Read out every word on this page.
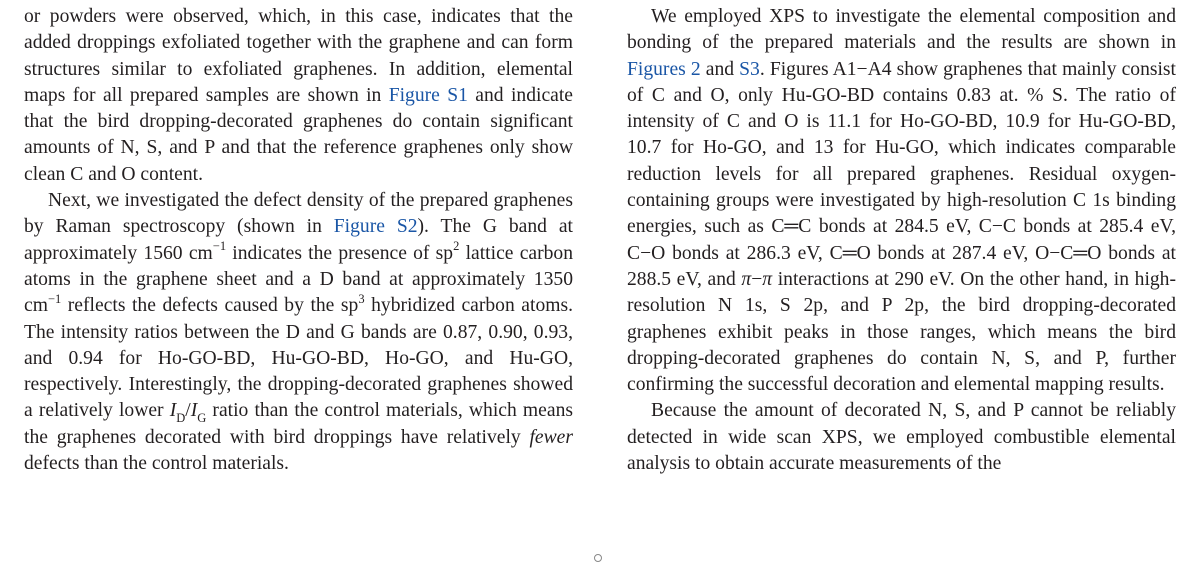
or powders were observed, which, in this case, indicates that the added droppings exfoliated together with the graphene and can form structures similar to exfoliated graphenes. In addition, elemental maps for all prepared samples are shown in Figure S1 and indicate that the bird dropping-decorated graphenes do contain significant amounts of N, S, and P and that the reference graphenes only show clean C and O content.

Next, we investigated the defect density of the prepared graphenes by Raman spectroscopy (shown in Figure S2). The G band at approximately 1560 $cm^{-1}$ indicates the presence of $sp^2$ lattice carbon atoms in the graphene sheet and a D band at approximately 1350 $cm^{-1}$ reflects the defects caused by the $sp^3$ hybridized carbon atoms. The intensity ratios between the D and G bands are 0.87, 0.90, 0.93, and 0.94 for Ho-GO-BD, Hu-GO-BD, Ho-GO, and Hu-GO, respectively. Interestingly, the dropping-decorated graphenes showed a relatively lower $I_D/I_G$ ratio than the control materials, which means the graphenes decorated with bird droppings have relatively fewer defects than the control materials.

We employed XPS to investigate the elemental composition and bonding of the prepared materials and the results are shown in Figures 2 and S3. Figures A1−A4 show graphenes that mainly consist of C and O, only Hu-GO-BD contains 0.83 at. % S. The ratio of intensity of C and O is 11.1 for Ho-GO-BD, 10.9 for Hu-GO-BD, 10.7 for Ho-GO, and 13 for Hu-GO, which indicates comparable reduction levels for all prepared graphenes. Residual oxygen-containing groups were investigated by high-resolution C 1s binding energies, such as C═C bonds at 284.5 eV, C−C bonds at 285.4 eV, C−O bonds at 286.3 eV, C═O bonds at 287.4 eV, O−C═O bonds at 288.5 eV, and π−π interactions at 290 eV. On the other hand, in high-resolution N 1s, S 2p, and P 2p, the bird dropping-decorated graphenes exhibit peaks in those ranges, which means the bird dropping-decorated graphenes do contain N, S, and P, further confirming the successful decoration and elemental mapping results.

Because the amount of decorated N, S, and P cannot be reliably detected in wide scan XPS, we employed combustible elemental analysis to obtain accurate measurements of the
